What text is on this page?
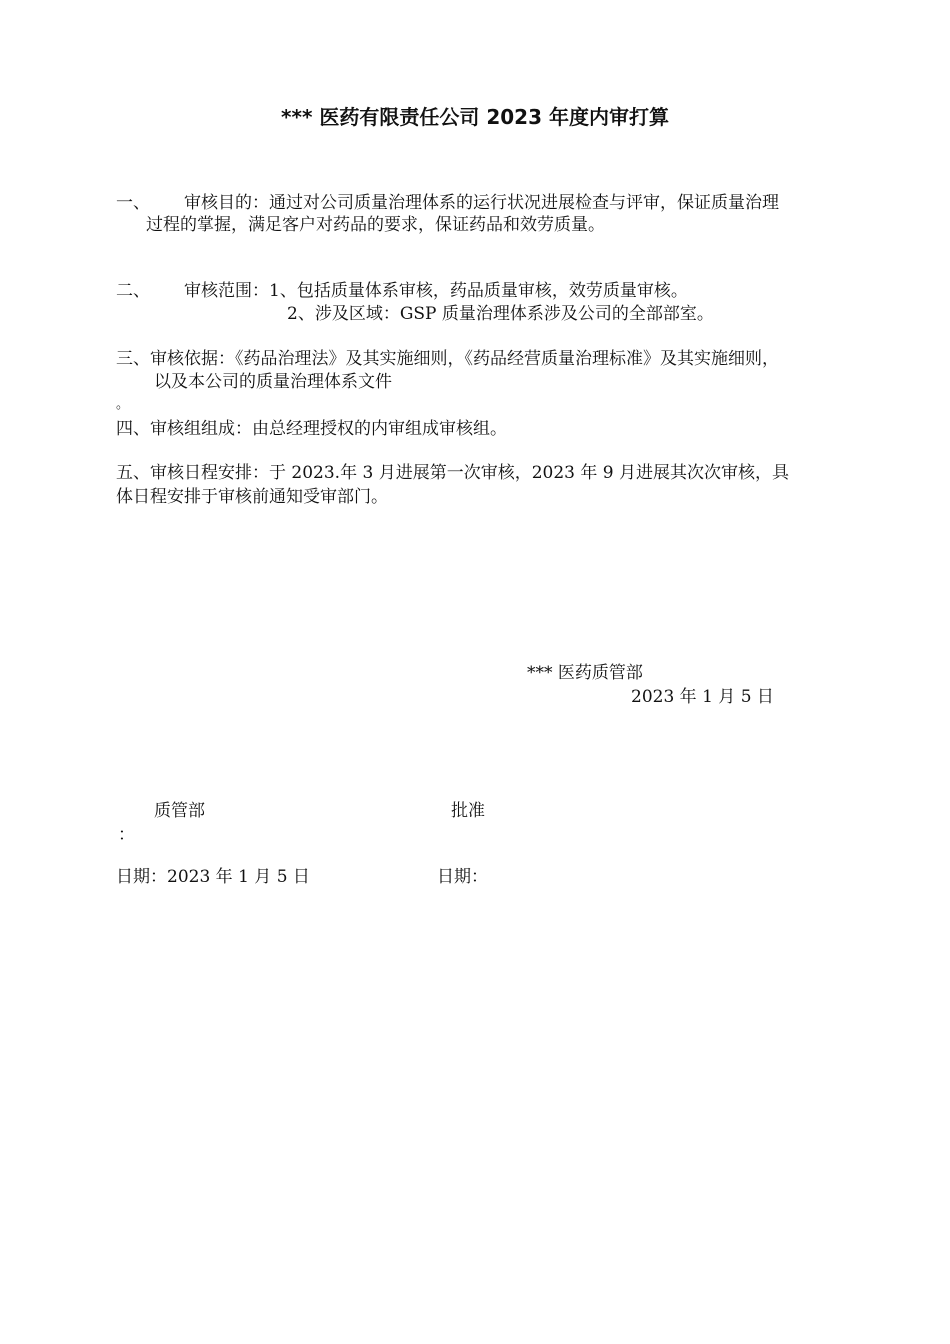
*** 医药有限责任公司 2023 年度内审打算
一、 审核目的：通过对公司质量治理体系的运行状况进展检查与评审，保证质量治理
过程的掌握，满足客户对药品的要求，保证药品和效劳质量。
二、 审核范围：1、包括质量体系审核，药品质量审核，效劳质量审核。
2、涉及区域：GSP 质量治理体系涉及公司的全部部室。
三、审核依据：《药品治理法》及其实施细则，《药品经营质量治理标准》及其实施细则，
以及本公司的质量治理体系文件
。
四、审核组组成：由总经理授权的内审组成审核组。
五、审核日程安排：于 2023.年 3 月进展第一次审核，2023 年 9 月进展其次次审核，具
体日程安排于审核前通知受审部门。
*** 医药质管部
2023 年 1 月 5 日
质管部
：
日期：2023 年 1 月 5 日
批准
日期：
